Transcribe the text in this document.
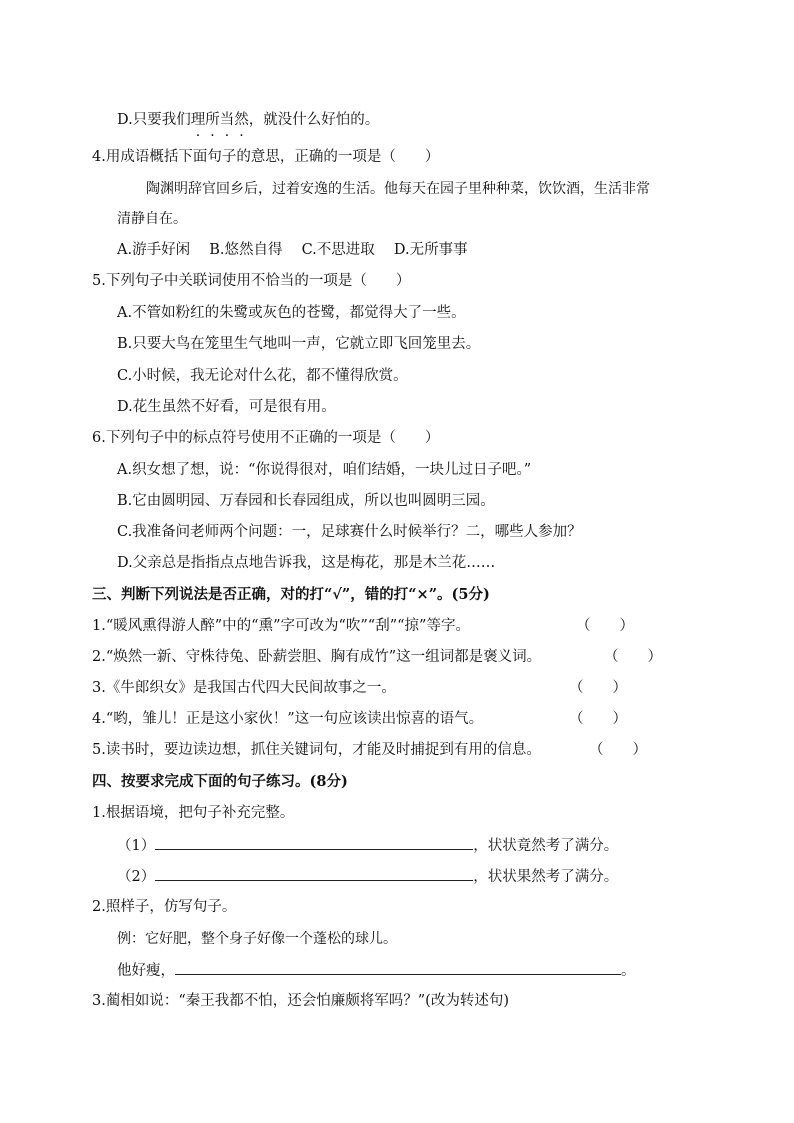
D.只要我们理所当然，就没什么好怕的。
4.用成语概括下面句子的意思，正确的一项是（　　）
陶渊明辞官回乡后，过着安逸的生活。他每天在园子里种种菜，饮饮酒，生活非常
清静自在。
A.游手好闲　 B.悠然自得　 C.不思进取　 D.无所事事
5.下列句子中关联词使用不恰当的一项是（　　）
A.不管如粉红的朱鹭或灰色的苍鹭，都觉得大了一些。
B.只要大鸟在笼里生气地叫一声，它就立即飞回笼里去。
C.小时候，我无论对什么花，都不懂得欣赏。
D.花生虽然不好看，可是很有用。
6.下列句子中的标点符号使用不正确的一项是（　　）
A.织女想了想，说：“你说得很对，咱们结婚，一块儿过日子吧。”
B.它由圆明园、万春园和长春园组成，所以也叫圆明三园。
C.我准备问老师两个问题：一，足球赛什么时候举行？二，哪些人参加？
D.父亲总是指指点点地告诉我，这是梅花，那是木兰花……
三、判断下列说法是否正确，对的打“√”，错的打“×”。(5分)
1.“暖风熏得游人醉”中的“熏”字可改为“吹”“刮”“掠”等字。	（　　）
2.“焕然一新、守株待兔、卧薪尝胆、胸有成竹”这一组词都是褒义词。	（　　）
3.《牛郎织女》是我国古代四大民间故事之一。	（　　）
4.“哟，雏儿！正是这小家伙！”这一句应该读出惊喜的语气。	（　　）
5.读书时，要边读边想，抓住关键词句，才能及时捕捉到有用的信息。	（　　）
四、按要求完成下面的句子练习。(8分)
1.根据语境，把句子补充完整。
（1）	，状状竟然考了满分。
（2）	，状状果然考了满分。
2.照样子，仿写句子。
例：它好肥，整个身子好像一个蓬松的球儿。
他好瘦，	。
3.蔺相如说：“秦王我都不怕，还会怕廉颇将军吗？”(改为转述句)
